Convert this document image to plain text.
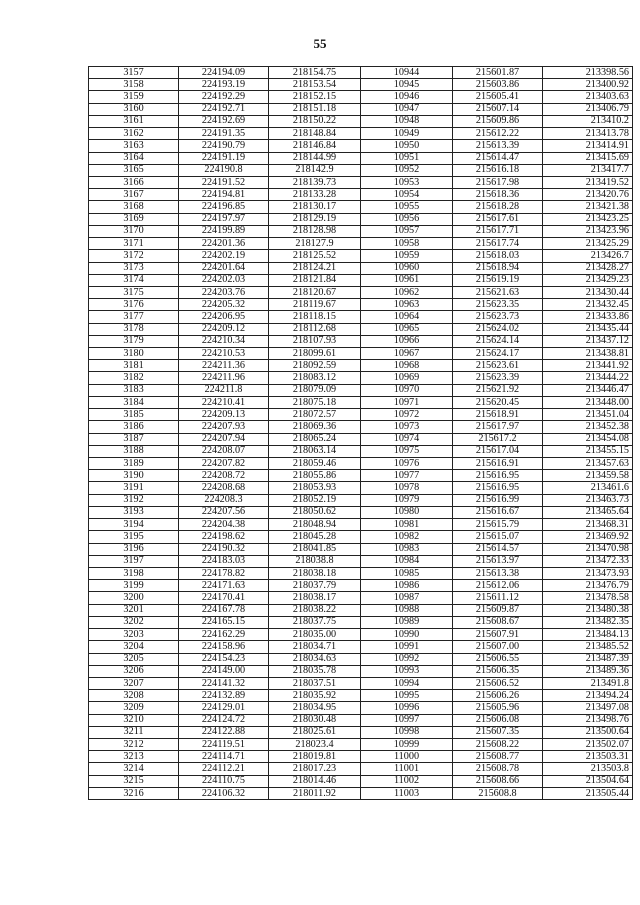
55
3157	224194.09	218154.75	10944	215601.87	213398.56
3158	224193.19	218153.54	10945	215603.86	213400.92
3159	224192.29	218152.15	10946	215605.41	213403.63
3160	224192.71	218151.18	10947	215607.14	213406.79
3161	224192.69	218150.22	10948	215609.86	213410.2
3162	224191.35	218148.84	10949	215612.22	213413.78
3163	224190.79	218146.84	10950	215613.39	213414.91
3164	224191.19	218144.99	10951	215614.47	213415.69
3165	224190.8	218142.9	10952	215616.18	213417.7
3166	224191.52	218139.73	10953	215617.98	213419.52
3167	224194.81	218133.28	10954	215618.36	213420.76
3168	224196.85	218130.17	10955	215618.28	213421.38
3169	224197.97	218129.19	10956	215617.61	213423.25
3170	224199.89	218128.98	10957	215617.71	213423.96
3171	224201.36	218127.9	10958	215617.74	213425.29
3172	224202.19	218125.52	10959	215618.03	213426.7
3173	224201.64	218124.21	10960	215618.94	213428.27
3174	224202.03	218121.84	10961	215619.19	213429.23
3175	224203.76	218120.67	10962	215621.63	213430.44
3176	224205.32	218119.67	10963	215623.35	213432.45
3177	224206.95	218118.15	10964	215623.73	213433.86
3178	224209.12	218112.68	10965	215624.02	213435.44
3179	224210.34	218107.93	10966	215624.14	213437.12
3180	224210.53	218099.61	10967	215624.17	213438.81
3181	224211.36	218092.59	10968	215623.61	213441.92
3182	224211.96	218083.12	10969	215623.39	213444.22
3183	224211.8	218079.09	10970	215621.92	213446.47
3184	224210.41	218075.18	10971	215620.45	213448.00
3185	224209.13	218072.57	10972	215618.91	213451.04
3186	224207.93	218069.36	10973	215617.97	213452.38
3187	224207.94	218065.24	10974	215617.2	213454.08
3188	224208.07	218063.14	10975	215617.04	213455.15
3189	224207.82	218059.46	10976	215616.91	213457.63
3190	224208.72	218055.86	10977	215616.95	213459.58
3191	224208.68	218053.93	10978	215616.95	213461.6
3192	224208.3	218052.19	10979	215616.99	213463.73
3193	224207.56	218050.62	10980	215616.67	213465.64
3194	224204.38	218048.94	10981	215615.79	213468.31
3195	224198.62	218045.28	10982	215615.07	213469.92
3196	224190.32	218041.85	10983	215614.57	213470.98
3197	224183.03	218038.8	10984	215613.97	213472.33
3198	224178.82	218038.18	10985	215613.38	213473.93
3199	224171.63	218037.79	10986	215612.06	213476.79
3200	224170.41	218038.17	10987	215611.12	213478.58
3201	224167.78	218038.22	10988	215609.87	213480.38
3202	224165.15	218037.75	10989	215608.67	213482.35
3203	224162.29	218035.00	10990	215607.91	213484.13
3204	224158.96	218034.71	10991	215607.00	213485.52
3205	224154.23	218034.63	10992	215606.55	213487.39
3206	224149.00	218035.78	10993	215606.35	213489.36
3207	224141.32	218037.51	10994	215606.52	213491.8
3208	224132.89	218035.92	10995	215606.26	213494.24
3209	224129.01	218034.95	10996	215605.96	213497.08
3210	224124.72	218030.48	10997	215606.08	213498.76
3211	224122.88	218025.61	10998	215607.35	213500.64
3212	224119.51	218023.4	10999	215608.22	213502.07
3213	224114.71	218019.81	11000	215608.77	213503.31
3214	224112.21	218017.23	11001	215608.78	213503.8
3215	224110.75	218014.46	11002	215608.66	213504.64
3216	224106.32	218011.92	11003	215608.8	213505.44
